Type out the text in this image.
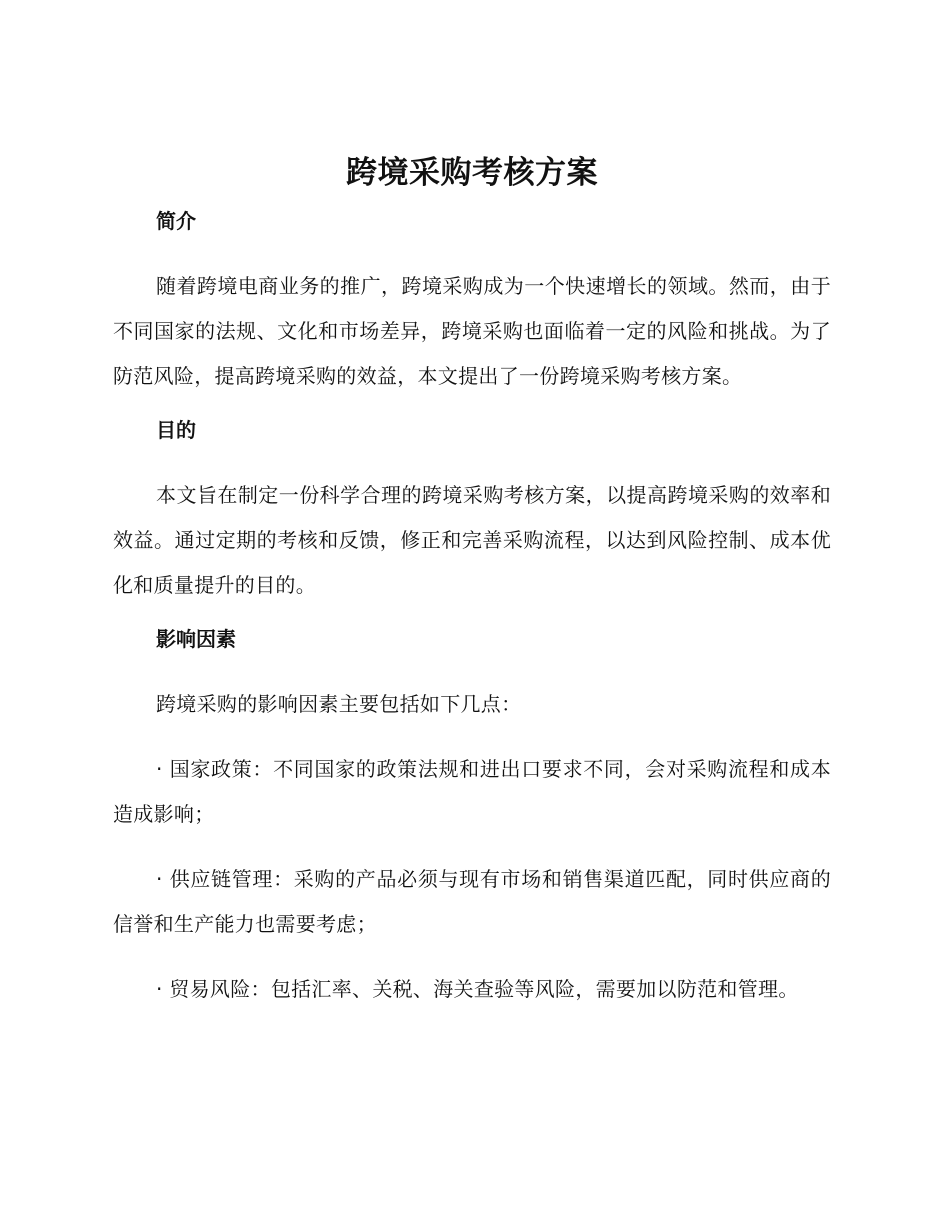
跨境采购考核方案
简介

随着跨境电商业务的推广，跨境采购成为一个快速增长的领域。然而，由于不同国家的法规、文化和市场差异，跨境采购也面临着一定的风险和挑战。为了防范风险，提高跨境采购的效益，本文提出了一份跨境采购考核方案。

目的

本文旨在制定一份科学合理的跨境采购考核方案，以提高跨境采购的效率和效益。通过定期的考核和反馈，修正和完善采购流程，以达到风险控制、成本优化和质量提升的目的。

影响因素

跨境采购的影响因素主要包括如下几点：

· 国家政策：不同国家的政策法规和进出口要求不同，会对采购流程和成本造成影响；

· 供应链管理：采购的产品必须与现有市场和销售渠道匹配，同时供应商的信誉和生产能力也需要考虑；

· 贸易风险：包括汇率、关税、海关查验等风险，需要加以防范和管理。
